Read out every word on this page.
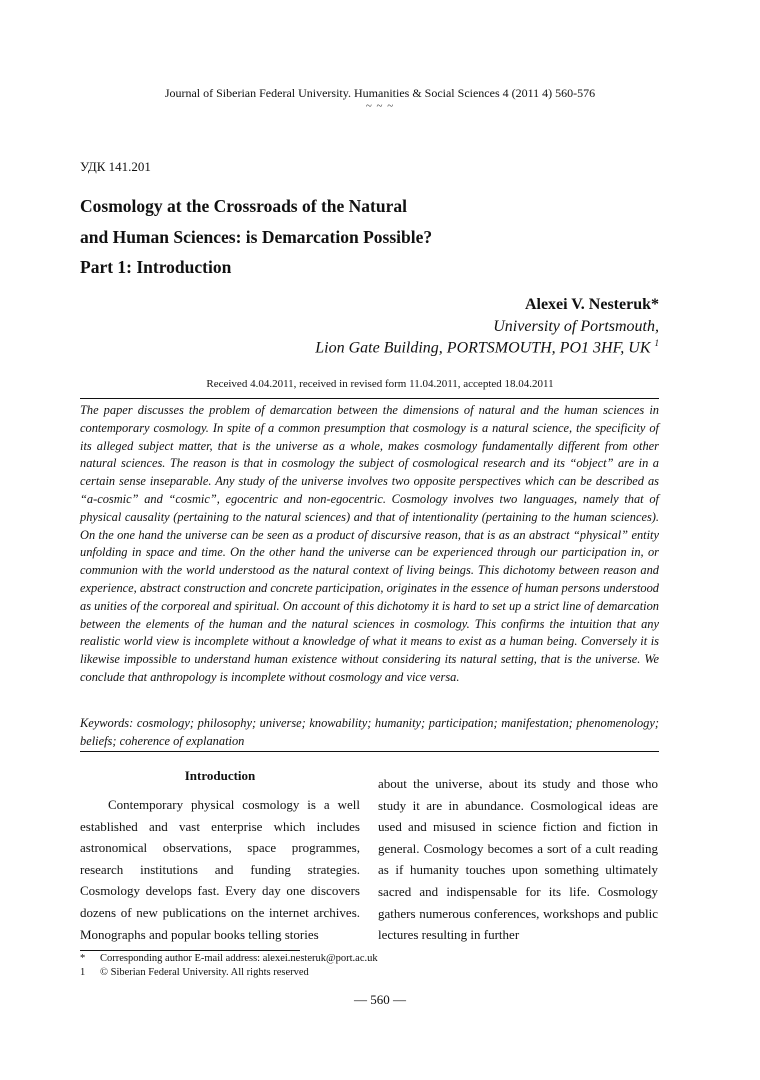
Journal of Siberian Federal University. Humanities & Social Sciences 4 (2011 4) 560-576
~ ~ ~
УДК 141.201
Cosmology at the Crossroads of the Natural
and Human Sciences: is Demarcation Possible?
Part 1: Introduction
Alexei V. Nesteruk*
University of Portsmouth,
Lion Gate Building, PORTSMOUTH, PO1 3HF, UK $^1$
Received 4.04.2011, received in revised form 11.04.2011, accepted 18.04.2011
The paper discusses the problem of demarcation between the dimensions of natural and the human sciences in contemporary cosmology. In spite of a common presumption that cosmology is a natural science, the specificity of its alleged subject matter, that is the universe as a whole, makes cosmology fundamentally different from other natural sciences. The reason is that in cosmology the subject of cosmological research and its “object” are in a certain sense inseparable. Any study of the universe involves two opposite perspectives which can be described as “a-cosmic” and “cosmic”, egocentric and non-egocentric. Cosmology involves two languages, namely that of physical causality (pertaining to the natural sciences) and that of intentionality (pertaining to the human sciences). On the one hand the universe can be seen as a product of discursive reason, that is as an abstract “physical” entity unfolding in space and time. On the other hand the universe can be experienced through our participation in, or communion with the world understood as the natural context of living beings. This dichotomy between reason and experience, abstract construction and concrete participation, originates in the essence of human persons understood as unities of the corporeal and spiritual. On account of this dichotomy it is hard to set up a strict line of demarcation between the elements of the human and the natural sciences in cosmology. This confirms the intuition that any realistic world view is incomplete without a knowledge of what it means to exist as a human being. Conversely it is likewise impossible to understand human existence without considering its natural setting, that is the universe. We conclude that anthropology is incomplete without cosmology and vice versa.
Keywords: cosmology; philosophy; universe; knowability; humanity; participation; manifestation; phenomenology; beliefs; coherence of explanation
Introduction
Contemporary physical cosmology is a well established and vast enterprise which includes astronomical observations, space programmes, research institutions and funding strategies. Cosmology develops fast. Every day one discovers dozens of new publications on the internet archives. Monographs and popular books telling stories
about the universe, about its study and those who study it are in abundance. Cosmological ideas are used and misused in science fiction and fiction in general. Cosmology becomes a sort of a cult reading as if humanity touches upon something ultimately sacred and indispensable for its life. Cosmology gathers numerous conferences, workshops and public lectures resulting in further
* Corresponding author E-mail address: alexei.nesteruk@port.ac.uk
1 © Siberian Federal University. All rights reserved
— 560 —
